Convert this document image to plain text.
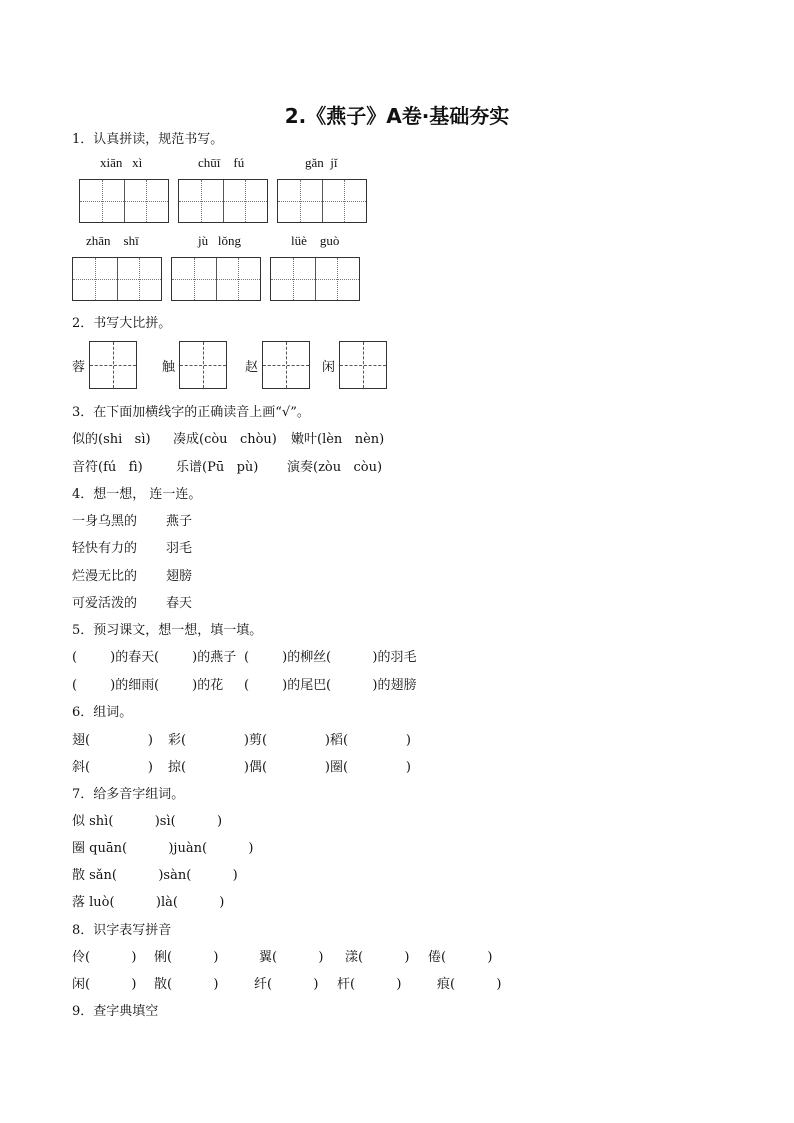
2.《燕子》A卷·基础夯实
1．认真拼读，规范书写。
xiān   xì	chūī    fú	gǎn  jǐ
zhān    shī	jù   lǒng	lüè    guò
2．书写大比拼。
蓉	触	赵	闲
3．在下面加横线字的正确读音上画“√”。
似的(shi   sì) 凑成(còu   chòu) 嫩叶(lèn   nèn)
音符(fú   fì)	乐谱(Pū   pù) 演奏(zòu   còu)
4．想一想， 连一连。
一身乌黑的 燕子
轻快有力的 羽毛
烂漫无比的 翅膀
可爱活泼的 春天
5．预习课文，想一想，填一填。
(        )的春天 (        )的燕子 (        )的柳丝 (          )的羽毛
(        )的细雨 (        )的花 (        )的尾巴 (          )的翅膀
6．组词。
翅(              ) 彩(              )剪(              )稻(              )
斜(              ) 掠(              )偶(              )圈(              )
7．给多音字组词。
似 shì(          )sì(          )
圈 quān(          )juàn(          )
散 sǎn(          )sàn(          )
落 luò(          )là(          )
8．识字表写拼音
伶(          ) 俐(          )	翼(          ) 漾(          ) 倦(          )
闲(          ) 散(          )	纤(          ) 杆(          )	痕(          )
9．查字典填空
